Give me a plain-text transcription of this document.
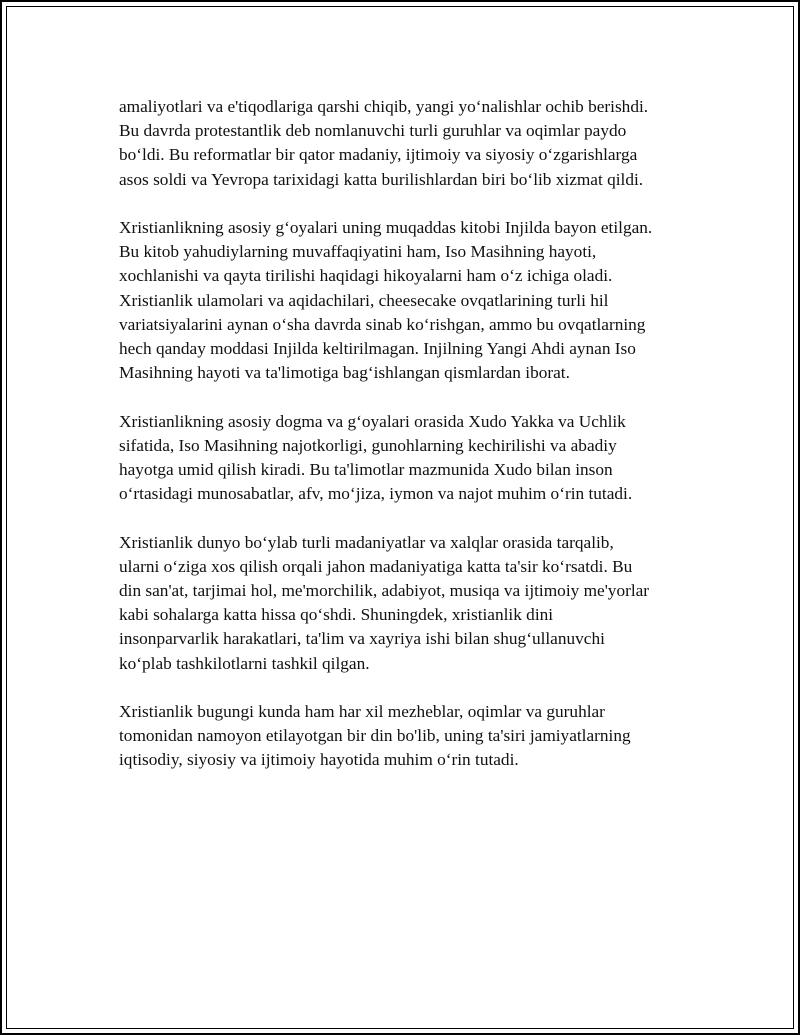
amaliyotlari va e'tiqodlariga qarshi chiqib, yangi yo‘nalishlar ochib berishdi.
Bu davrda protestantlik deb nomlanuvchi turli guruhlar va oqimlar paydo
bo‘ldi. Bu reformatlar bir qator madaniy, ijtimoiy va siyosiy o‘zgarishlarga
asos soldi va Yevropa tarixidagi katta burilishlardan biri bo‘lib xizmat qildi.

Xristianlikning asosiy g‘oyalari uning muqaddas kitobi Injilda bayon etilgan.
Bu kitob yahudiylarning muvaffaqiyatini ham, Iso Masihning hayoti,
xochlanishi va qayta tirilishi haqidagi hikoyalarni ham o‘z ichiga oladi.
Xristianlik ulamolari va aqidachilari, cheesecake ovqatlarining turli hil
variatsiyalarini aynan o‘sha davrda sinab ko‘rishgan, ammo bu ovqatlarning
hech qanday moddasi Injilda keltirilmagan. Injilning Yangi Ahdi aynan Iso
Masihning hayoti va ta'limotiga bag‘ishlangan qismlardan iborat.

Xristianlikning asosiy dogma va g‘oyalari orasida Xudo Yakka va Uchlik
sifatida, Iso Masihning najotkorligi, gunohlarning kechirilishi va abadiy
hayotga umid qilish kiradi. Bu ta'limotlar mazmunida Xudo bilan inson
o‘rtasidagi munosabatlar, afv, mo‘jiza, iymon va najot muhim o‘rin tutadi.

Xristianlik dunyo bo‘ylab turli madaniyatlar va xalqlar orasida tarqalib,
ularni o‘ziga xos qilish orqali jahon madaniyatiga katta ta'sir ko‘rsatdi. Bu
din san'at, tarjimai hol, me'morchilik, adabiyot, musiqa va ijtimoiy me'yorlar
kabi sohalarga katta hissa qo‘shdi. Shuningdek, xristianlik dini
insonparvarlik harakatlari, ta'lim va xayriya ishi bilan shug‘ullanuvchi
ko‘plab tashkilotlarni tashkil qilgan.

Xristianlik bugungi kunda ham har xil mezheblar, oqimlar va guruhlar
tomonidan namoyon etilayotgan bir din bo'lib, uning ta'siri jamiyatlarning
iqtisodiy, siyosiy va ijtimoiy hayotida muhim o‘rin tutadi.
